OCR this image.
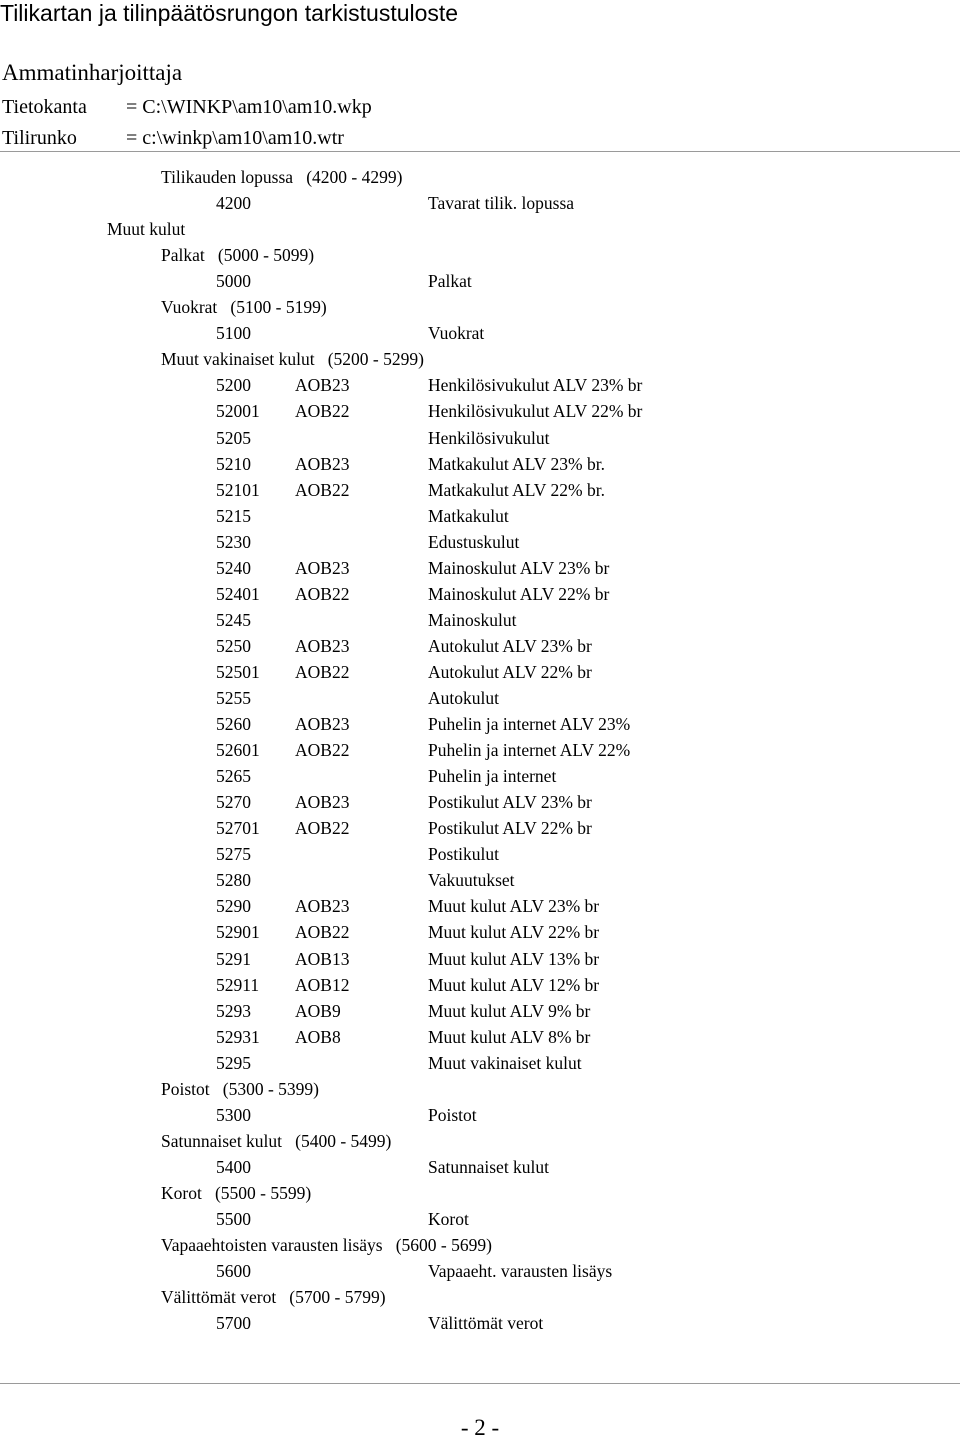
Tilikartan ja tilinpäätösrungon tarkistustuloste
Ammatinharjoittaja
Tietokanta = C:\WINKP\am10\am10.wkp
Tilirunko = c:\winkp\am10\am10.wtr
Tilikauden lopussa   (4200 - 4299)
4200	Tavarat tilik. lopussa
Muut kulut
Palkat   (5000 - 5099)
5000	Palkat
Vuokrat   (5100 - 5199)
5100	Vuokrat
Muut vakinaiset kulut   (5200 - 5299)
5200	AOB23	Henkilösivukulut ALV 23% br
52001 AOB22	Henkilösivukulut ALV 22% br
5205	Henkilösivukulut
5210	AOB23	Matkakulut ALV 23% br.
52101 AOB22	Matkakulut ALV 22% br.
5215	Matkakulut
5230	Edustuskulut
5240	AOB23	Mainoskulut ALV 23% br
52401 AOB22	Mainoskulut ALV 22% br
5245	Mainoskulut
5250	AOB23	Autokulut ALV 23% br
52501 AOB22	Autokulut ALV 22% br
5255	Autokulut
5260	AOB23	Puhelin ja internet ALV 23%
52601 AOB22	Puhelin ja internet ALV 22%
5265	Puhelin ja internet
5270	AOB23	Postikulut ALV 23% br
52701 AOB22	Postikulut ALV 22% br
5275	Postikulut
5280	Vakuutukset
5290	AOB23	Muut kulut ALV 23% br
52901 AOB22	Muut kulut ALV 22% br
5291	AOB13	Muut kulut ALV 13% br
52911 AOB12	Muut kulut ALV 12% br
5293	AOB9	Muut kulut ALV 9% br
52931 AOB8	Muut kulut ALV 8% br
5295	Muut vakinaiset kulut
Poistot   (5300 - 5399)
5300	Poistot
Satunnaiset kulut   (5400 - 5499)
5400	Satunnaiset kulut
Korot   (5500 - 5599)
5500	Korot
Vapaaehtoisten varausten lisäys   (5600 - 5699)
5600	Vapaaeht. varausten lisäys
Välittömät verot   (5700 - 5799)
5700	Välittömät verot
- 2 -
